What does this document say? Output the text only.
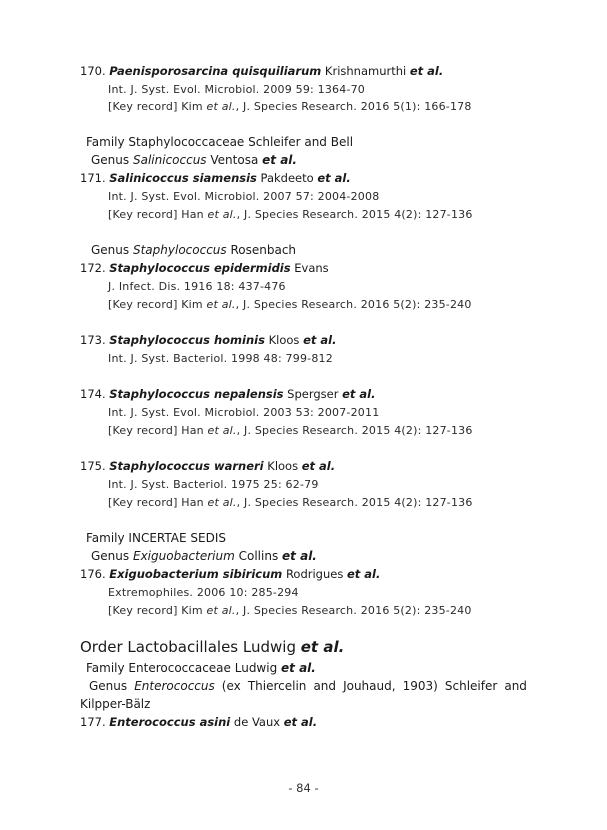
170. Paenisporosarcina quisquiliarum Krishnamurthi et al.
Int. J. Syst. Evol. Microbiol. 2009 59: 1364-70
[Key record] Kim et al., J. Species Research. 2016 5(1): 166-178
Family Staphylococcaceae Schleifer and Bell
Genus Salinicoccus Ventosa et al.
171. Salinicoccus siamensis Pakdeeto et al.
Int. J. Syst. Evol. Microbiol. 2007 57: 2004-2008
[Key record] Han et al., J. Species Research. 2015 4(2): 127-136
Genus Staphylococcus Rosenbach
172. Staphylococcus epidermidis Evans
J. Infect. Dis. 1916 18: 437-476
[Key record] Kim et al., J. Species Research. 2016 5(2): 235-240
173. Staphylococcus hominis Kloos et al.
Int. J. Syst. Bacteriol. 1998 48: 799-812
174. Staphylococcus nepalensis Spergser et al.
Int. J. Syst. Evol. Microbiol. 2003 53: 2007-2011
[Key record] Han et al., J. Species Research. 2015 4(2): 127-136
175. Staphylococcus warneri Kloos et al.
Int. J. Syst. Bacteriol. 1975 25: 62-79
[Key record] Han et al., J. Species Research. 2015 4(2): 127-136
Family INCERTAE SEDIS
Genus Exiguobacterium Collins et al.
176. Exiguobacterium sibiricum Rodrigues et al.
Extremophiles. 2006 10: 285-294
[Key record] Kim et al., J. Species Research. 2016 5(2): 235-240
Order Lactobacillales Ludwig et al.
Family Enterococcaceae Ludwig et al.
Genus Enterococcus (ex Thiercelin and Jouhaud, 1903) Schleifer and
Kilpper-Bälz
177. Enterococcus asini de Vaux et al.
- 84 -
